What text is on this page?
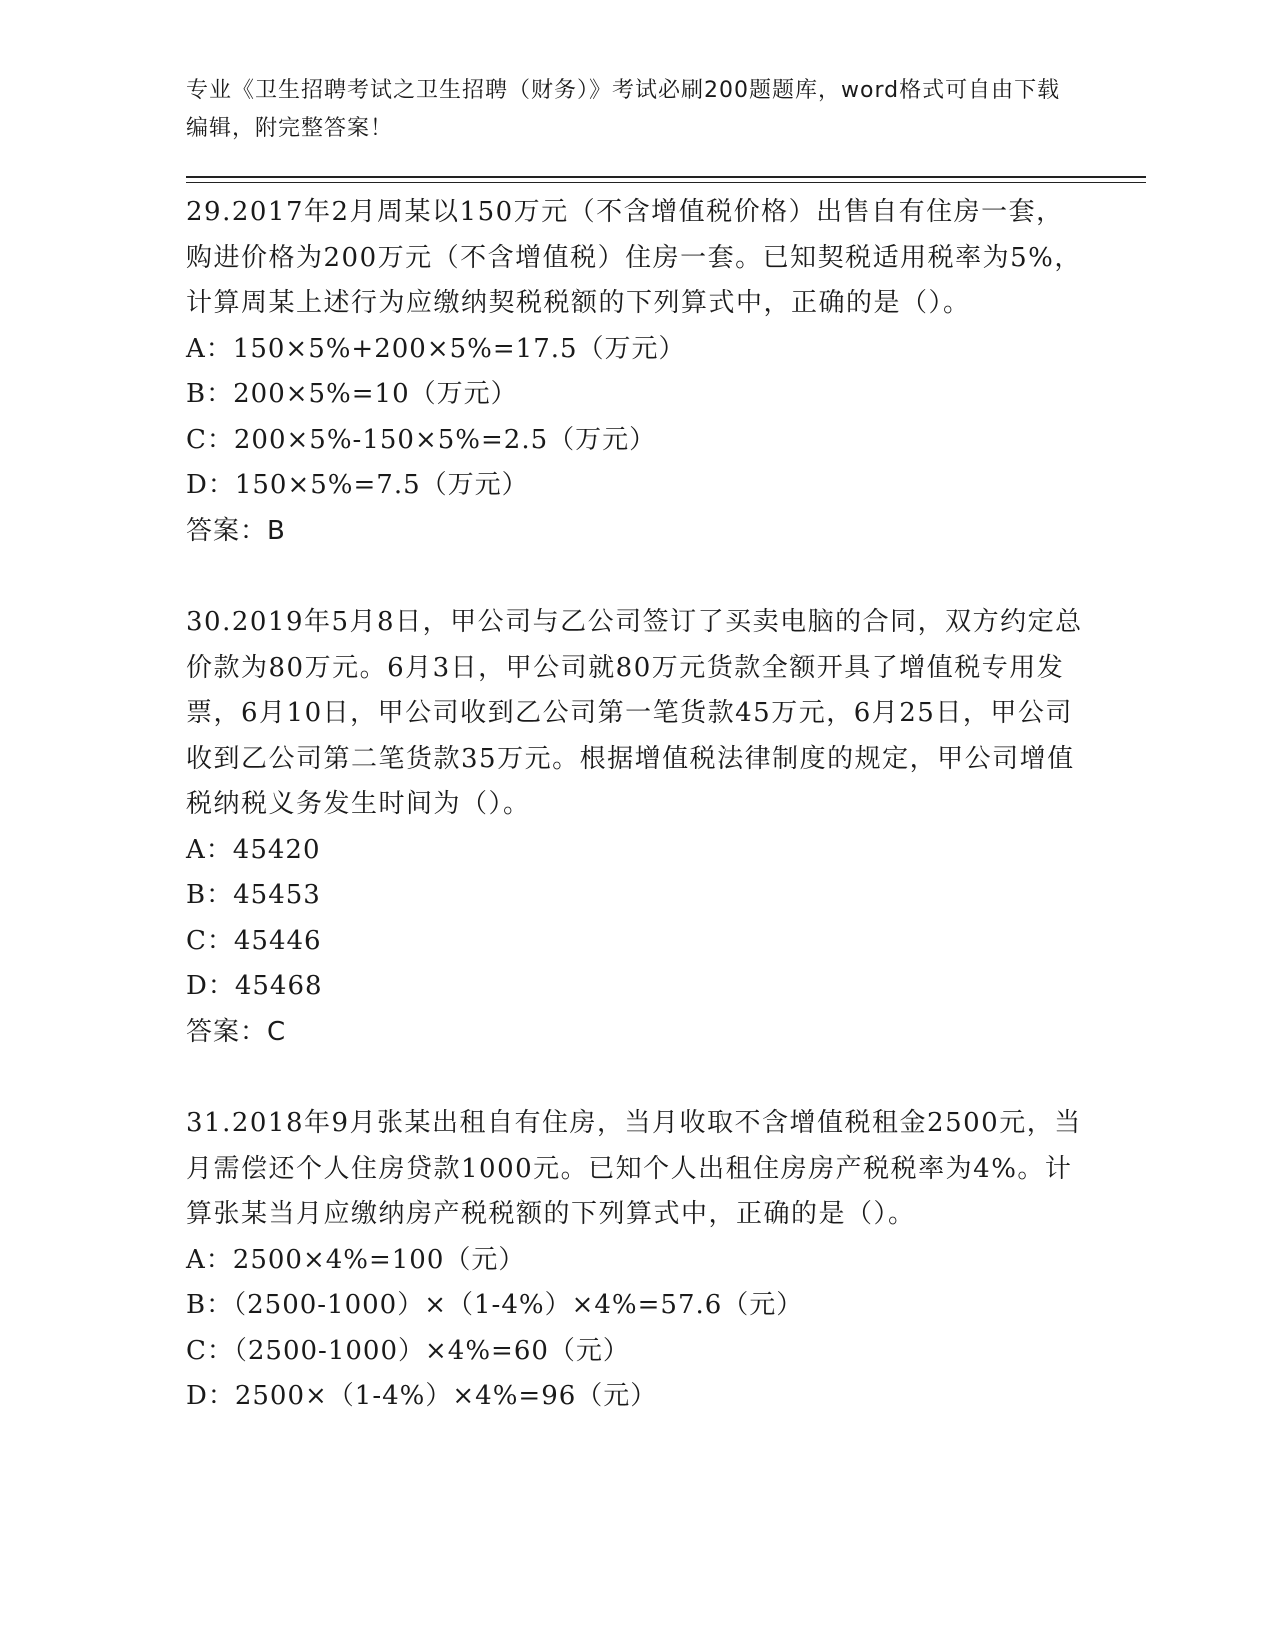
专业《卫生招聘考试之卫生招聘（财务）》考试必刷200题题库，word格式可自由下载编辑，附完整答案！

29.2017年2月周某以150万元（不含增值税价格）出售自有住房一套，购进价格为200万元（不含增值税）住房一套。已知契税适用税率为5%，计算周某上述行为应缴纳契税税额的下列算式中，正确的是（）。

A：150×5%+200×5%=17.5（万元）

B：200×5%=10（万元）

C：200×5%-150×5%=2.5（万元）

D：150×5%=7.5（万元）

答案：B

30.2019年5月8日，甲公司与乙公司签订了买卖电脑的合同，双方约定总价款为80万元。6月3日，甲公司就80万元货款全额开具了增值税专用发票，6月10日，甲公司收到乙公司第一笔货款45万元，6月25日，甲公司收到乙公司第二笔货款35万元。根据增值税法律制度的规定，甲公司增值税纳税义务发生时间为（）。

A：45420

B：45453

C：45446

D：45468

答案：C

31.2018年9月张某出租自有住房，当月收取不含增值税租金2500元，当月需偿还个人住房贷款1000元。已知个人出租住房房产税税率为4%。计算张某当月应缴纳房产税税额的下列算式中，正确的是（）。

A：2500×4%=100（元）

B：（2500-1000）×（1-4%）×4%=57.6（元）

C：（2500-1000）×4%=60（元）

D：2500×（1-4%）×4%=96（元）
